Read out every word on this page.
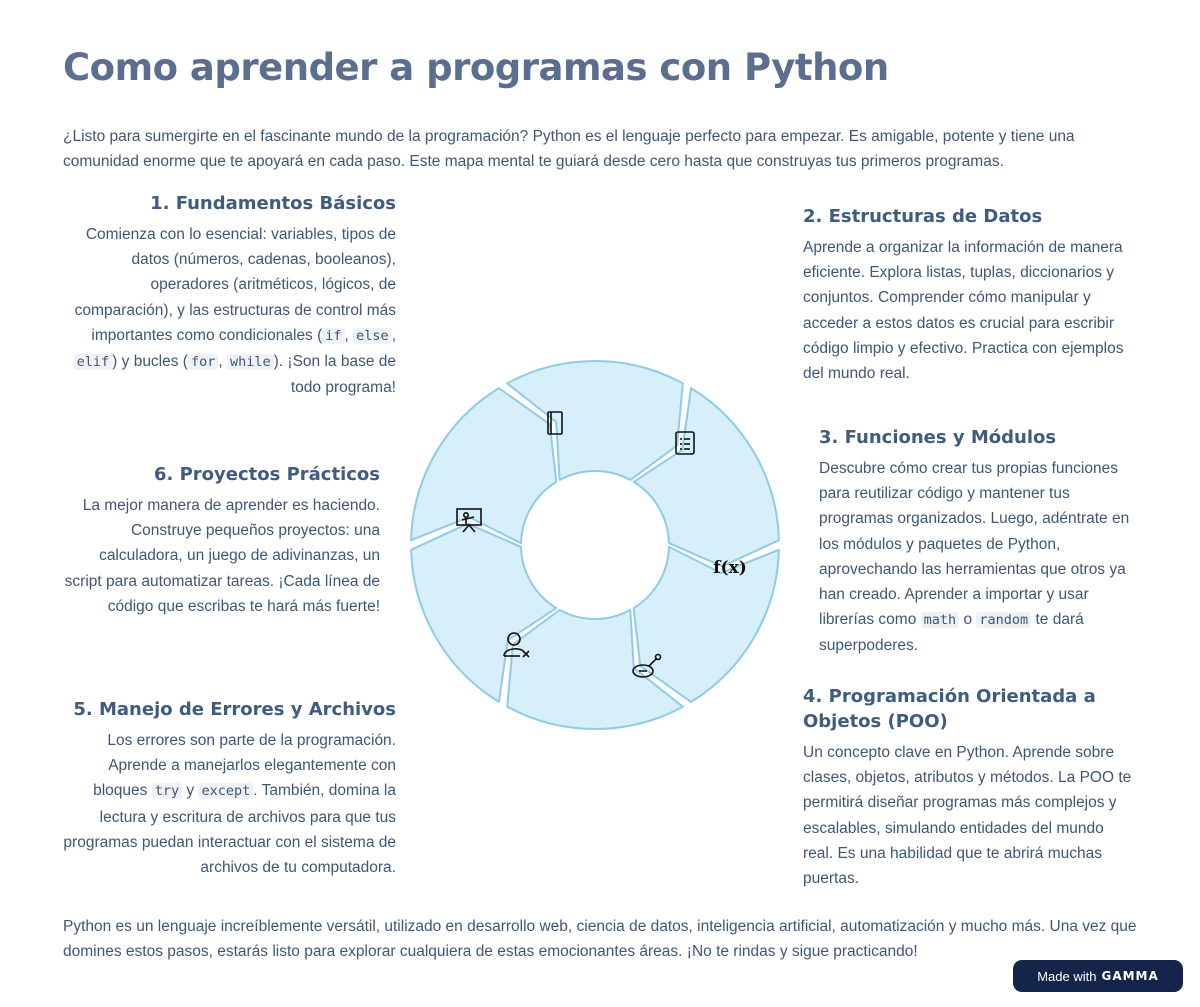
Como aprender a programas con Python

¿Listo para sumergirte en el fascinante mundo de la programación? Python es el lenguaje perfecto para empezar. Es amigable, potente y tiene una comunidad enorme que te apoyará en cada paso. Este mapa mental te guiará desde cero hasta que construyas tus primeros programas.

1. Fundamentos Básicos

Comienza con lo esencial: variables, tipos de datos (números, cadenas, booleanos), operadores (aritméticos, lógicos, de comparación), y las estructuras de control más importantes como condicionales ( if , else , elif ) y bucles ( for , while ). ¡Son la base de todo programa!

2. Estructuras de Datos

Aprende a organizar la información de manera eficiente. Explora listas, tuplas, diccionarios y conjuntos. Comprender cómo manipular y acceder a estos datos es crucial para escribir código limpio y efectivo. Practica con ejemplos del mundo real.

3. Funciones y Módulos

Descubre cómo crear tus propias funciones para reutilizar código y mantener tus programas organizados. Luego, adéntrate en los módulos y paquetes de Python, aprovechando las herramientas que otros ya han creado. Aprender a importar y usar librerías como math o random te dará superpoderes.

4. Programación Orientada a Objetos (POO)

Un concepto clave en Python. Aprende sobre clases, objetos, atributos y métodos. La POO te permitirá diseñar programas más complejos y escalables, simulando entidades del mundo real. Es una habilidad que te abrirá muchas puertas.

5. Manejo de Errores y Archivos

Los errores son parte de la programación. Aprende a manejarlos elegantemente con bloques try y except . También, domina la lectura y escritura de archivos para que tus programas puedan interactuar con el sistema de archivos de tu computadora.

6. Proyectos Prácticos

La mejor manera de aprender es haciendo. Construye pequeños proyectos: una calculadora, un juego de adivinanzas, un script para automatizar tareas. ¡Cada línea de código que escribas te hará más fuerte!

f(x)

Python es un lenguaje increíblemente versátil, utilizado en desarrollo web, ciencia de datos, inteligencia artificial, automatización y mucho más. Una vez que domines estos pasos, estarás listo para explorar cualquiera de estas emocionantes áreas. ¡No te rindas y sigue practicando!

Made with GAMMA
